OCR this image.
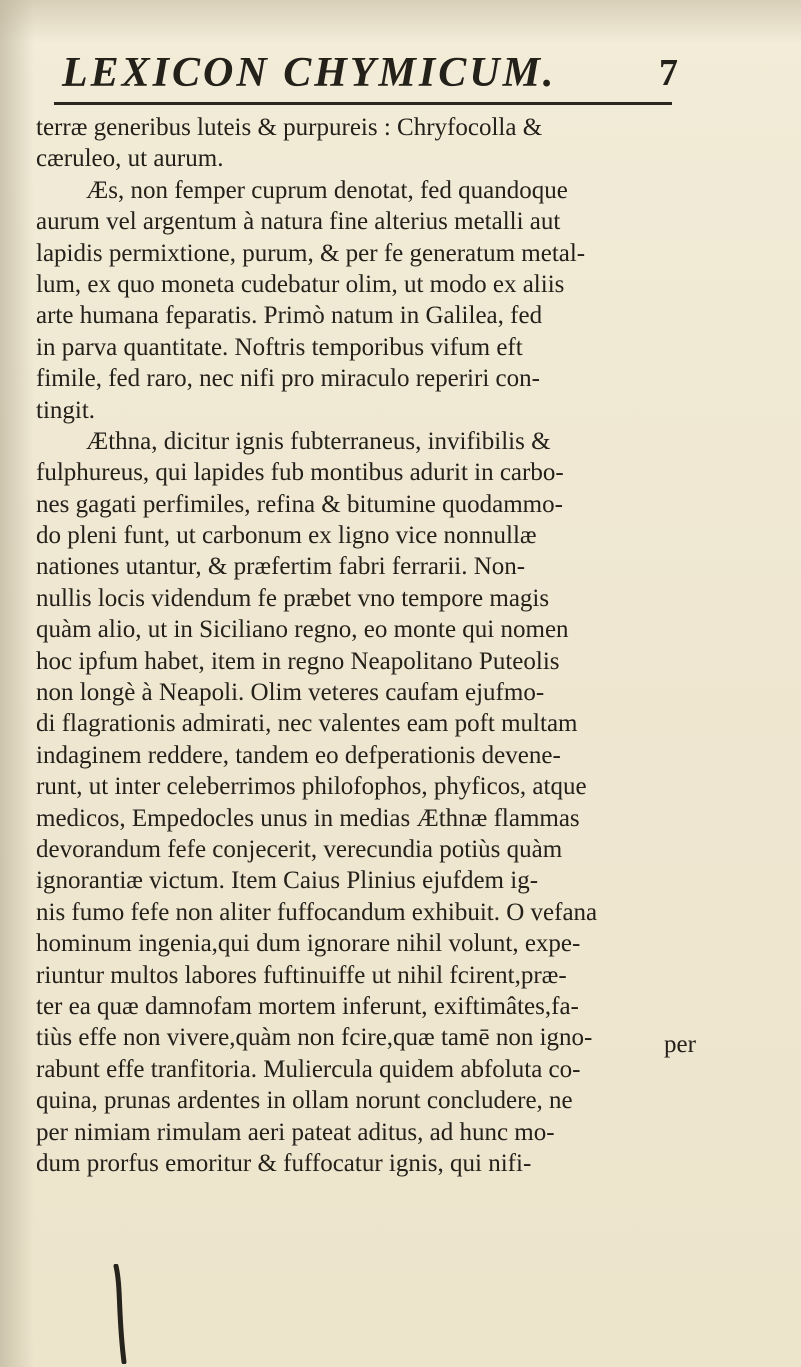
LEXICON CHYMICUM.	7
terræ generibus luteis & purpureis : Chryfocolla &
cæruleo, ut aurum.
Æs, non femper cuprum denotat, fed quandoque
aurum vel argentum à natura fine alterius metalli aut
lapidis permixtione, purum, & per fe generatum metal-
lum, ex quo moneta cudebatur olim, ut modo ex aliis
arte humana feparatis. Primò natum in Galilea, fed
in parva quantitate. Noftris temporibus vifum eft
fimile, fed raro, nec nifi pro miraculo reperiri con-
tingit.
Æthna, dicitur ignis fubterraneus, invifibilis &
fulphureus, qui lapides fub montibus adurit in carbo-
nes gagati perfimiles, refina & bitumine quodammo-
do pleni funt, ut carbonum ex ligno vice nonnullæ
nationes utantur, & præfertim fabri ferrarii. Non-
nullis locis videndum fe præbet vno tempore magis
quàm alio, ut in Siciliano regno, eo monte qui nomen
hoc ipfum habet, item in regno Neapolitano Puteolis
non longè à Neapoli. Olim veteres caufam ejufmo-
di flagrationis admirati, nec valentes eam poft multam
indaginem reddere, tandem eo defperationis devene-
runt, ut inter celeberrimos philofophos, phyficos, atque
medicos, Empedocles unus in medias Æthnæ flammas
devorandum fefe conjecerit, verecundia potiùs quàm
ignorantiæ victum. Item Caius Plinius ejufdem ig-
nis fumo fefe non aliter fuffocandum exhibuit. O vefana
hominum ingenia,qui dum ignorare nihil volunt, expe-
riuntur multos labores fuftinuiffe ut nihil fcirent,præ-
ter ea quæ damnofam mortem inferunt, exiftimâtes,fa-
tiùs effe non vivere,quàm non fcire,quæ tamē non igno-
rabunt effe tranfitoria. Muliercula quidem abfoluta co-
quina, prunas ardentes in ollam norunt concludere, ne
per nimiam rimulam aeri pateat aditus, ad hunc mo-
dum prorfus emoritur & fuffocatur ignis, qui nifi-
per
